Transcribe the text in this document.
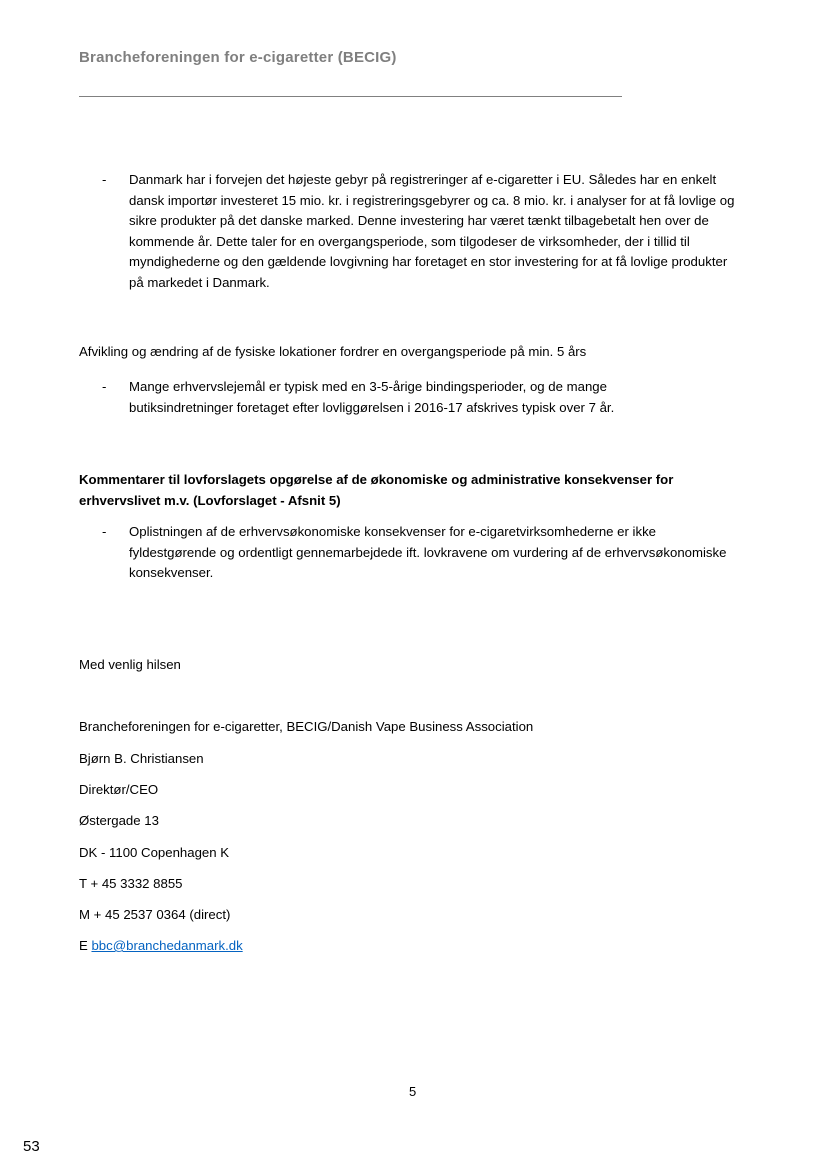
Brancheforeningen for e-cigaretter (BECIG)
- Danmark har i forvejen det højeste gebyr på registreringer af e-cigaretter i EU. Således har en enkelt dansk importør investeret 15 mio. kr. i registreringsgebyrer og ca. 8 mio. kr. i analyser for at få lovlige og sikre produkter på det danske marked. Denne investering har været tænkt tilbagebetalt hen over de kommende år. Dette taler for en overgangsperiode, som tilgodeser de virksomheder, der i tillid til myndighederne og den gældende lovgivning har foretaget en stor investering for at få lovlige produkter på markedet i Danmark.
Afvikling og ændring af de fysiske lokationer fordrer en overgangsperiode på min. 5 års
- Mange erhvervslejemål er typisk med en 3-5-årige bindingsperioder, og de mange butiksindretninger foretaget efter lovliggørelsen i 2016-17 afskrives typisk over 7 år.
Kommentarer til lovforslagets opgørelse af de økonomiske og administrative konsekvenser for erhvervslivet m.v. (Lovforslaget - Afsnit 5)
- Oplistningen af de erhvervsøkonomiske konsekvenser for e-cigaretvirksomhederne er ikke fyldestgørende og ordentligt gennemarbejdede ift. lovkravene om vurdering af de erhvervsøkonomiske konsekvenser.
Med venlig hilsen
Brancheforeningen for e-cigaretter, BECIG/Danish Vape Business Association
Bjørn B. Christiansen
Direktør/CEO
Østergade 13
DK - 1100 Copenhagen K
T + 45 3332 8855
M + 45 2537 0364 (direct)
E bbc@branchedanmark.dk
5
53
